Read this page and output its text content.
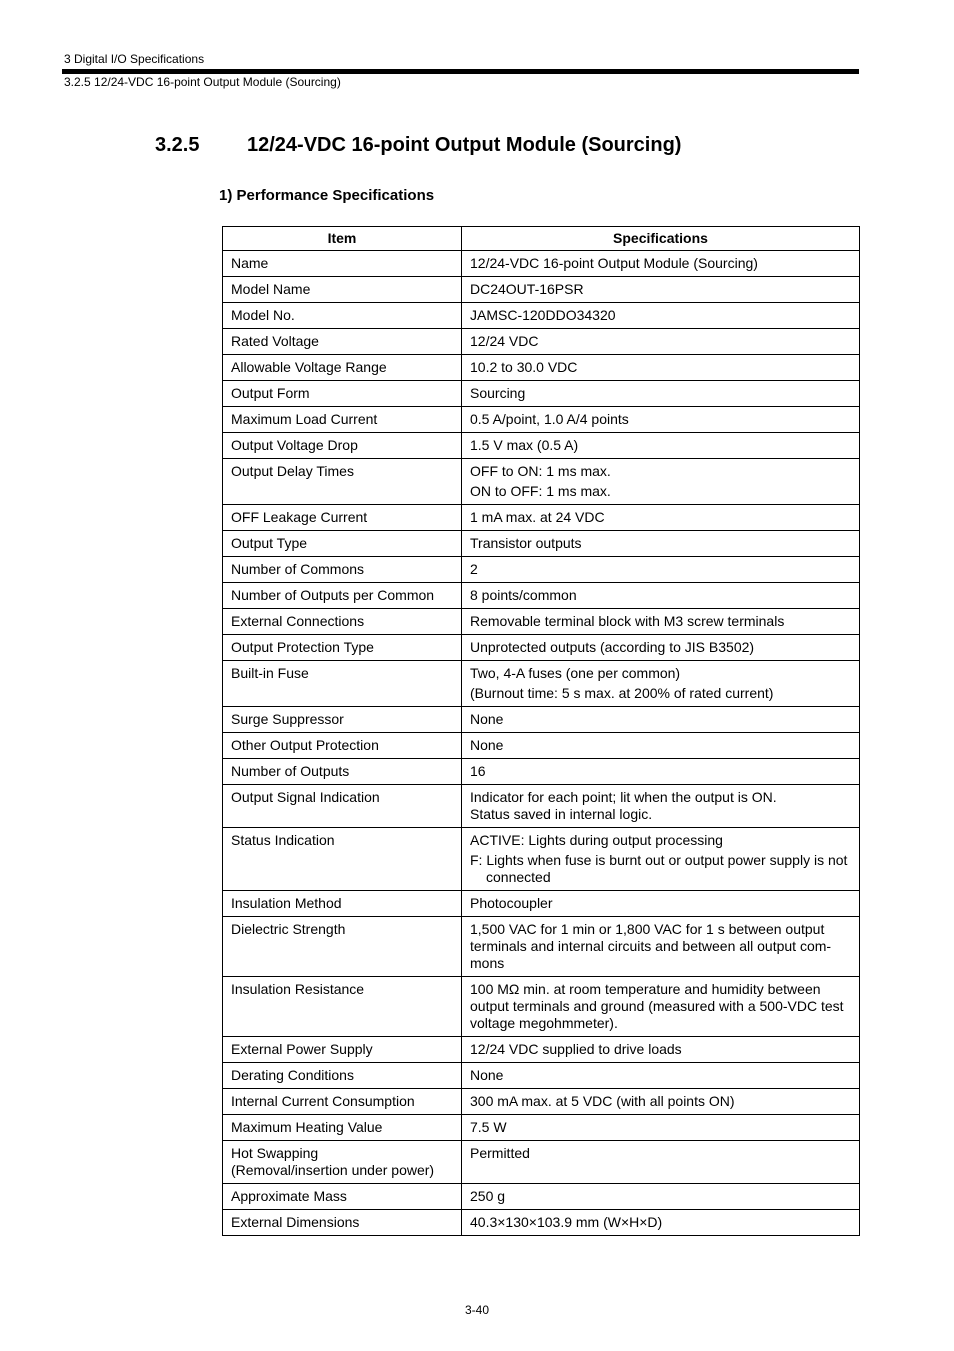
3 Digital I/O Specifications
3.2.5 12/24-VDC 16-point Output Module (Sourcing)
3.2.5 12/24-VDC 16-point Output Module (Sourcing)
1) Performance Specifications
Item	Specifications

Name	12/24-VDC 16-point Output Module (Sourcing)

Model Name	DC24OUT-16PSR

Model No.	JAMSC-120DDO34320

Rated Voltage	12/24 VDC

Allowable Voltage Range	10.2 to 30.0 VDC

Output Form	Sourcing

Maximum Load Current	0.5 A/point, 1.0 A/4 points

Output Voltage Drop	1.5 V max (0.5 A)

Output Delay Times	OFF to ON: 1 ms max.
ON to OFF: 1 ms max.

OFF Leakage Current	1 mA max. at 24 VDC

Output Type	Transistor outputs

Number of Commons	2

Number of Outputs per Common	8 points/common

External Connections	Removable terminal block with M3 screw terminals

Output Protection Type	Unprotected outputs (according to JIS B3502)

Built-in Fuse	Two, 4-A fuses (one per common)
(Burnout time: 5 s max. at 200% of rated current)

Surge Suppressor	None

Other Output Protection	None

Number of Outputs	16

Output Signal Indication	Indicator for each point; lit when the output is ON.
Status saved in internal logic.

Status Indication	ACTIVE: Lights during output processing
F: Lights when fuse is burnt out or output power supply is not connected

Insulation Method	Photocoupler

Dielectric Strength	1,500 VAC for 1 min or 1,800 VAC for 1 s between output terminals and internal circuits and between all output com-mons

Insulation Resistance	100 MΩ min. at room temperature and humidity between output terminals and ground (measured with a 500-VDC test voltage megohmmeter).

External Power Supply	12/24 VDC supplied to drive loads

Derating Conditions	None

Internal Current Consumption	300 mA max. at 5 VDC (with all points ON)

Maximum Heating Value	7.5 W

Hot Swapping
(Removal/insertion under power)	Permitted

Approximate Mass	250 g

External Dimensions	40.3×130×103.9 mm (W×H×D)
3-40
